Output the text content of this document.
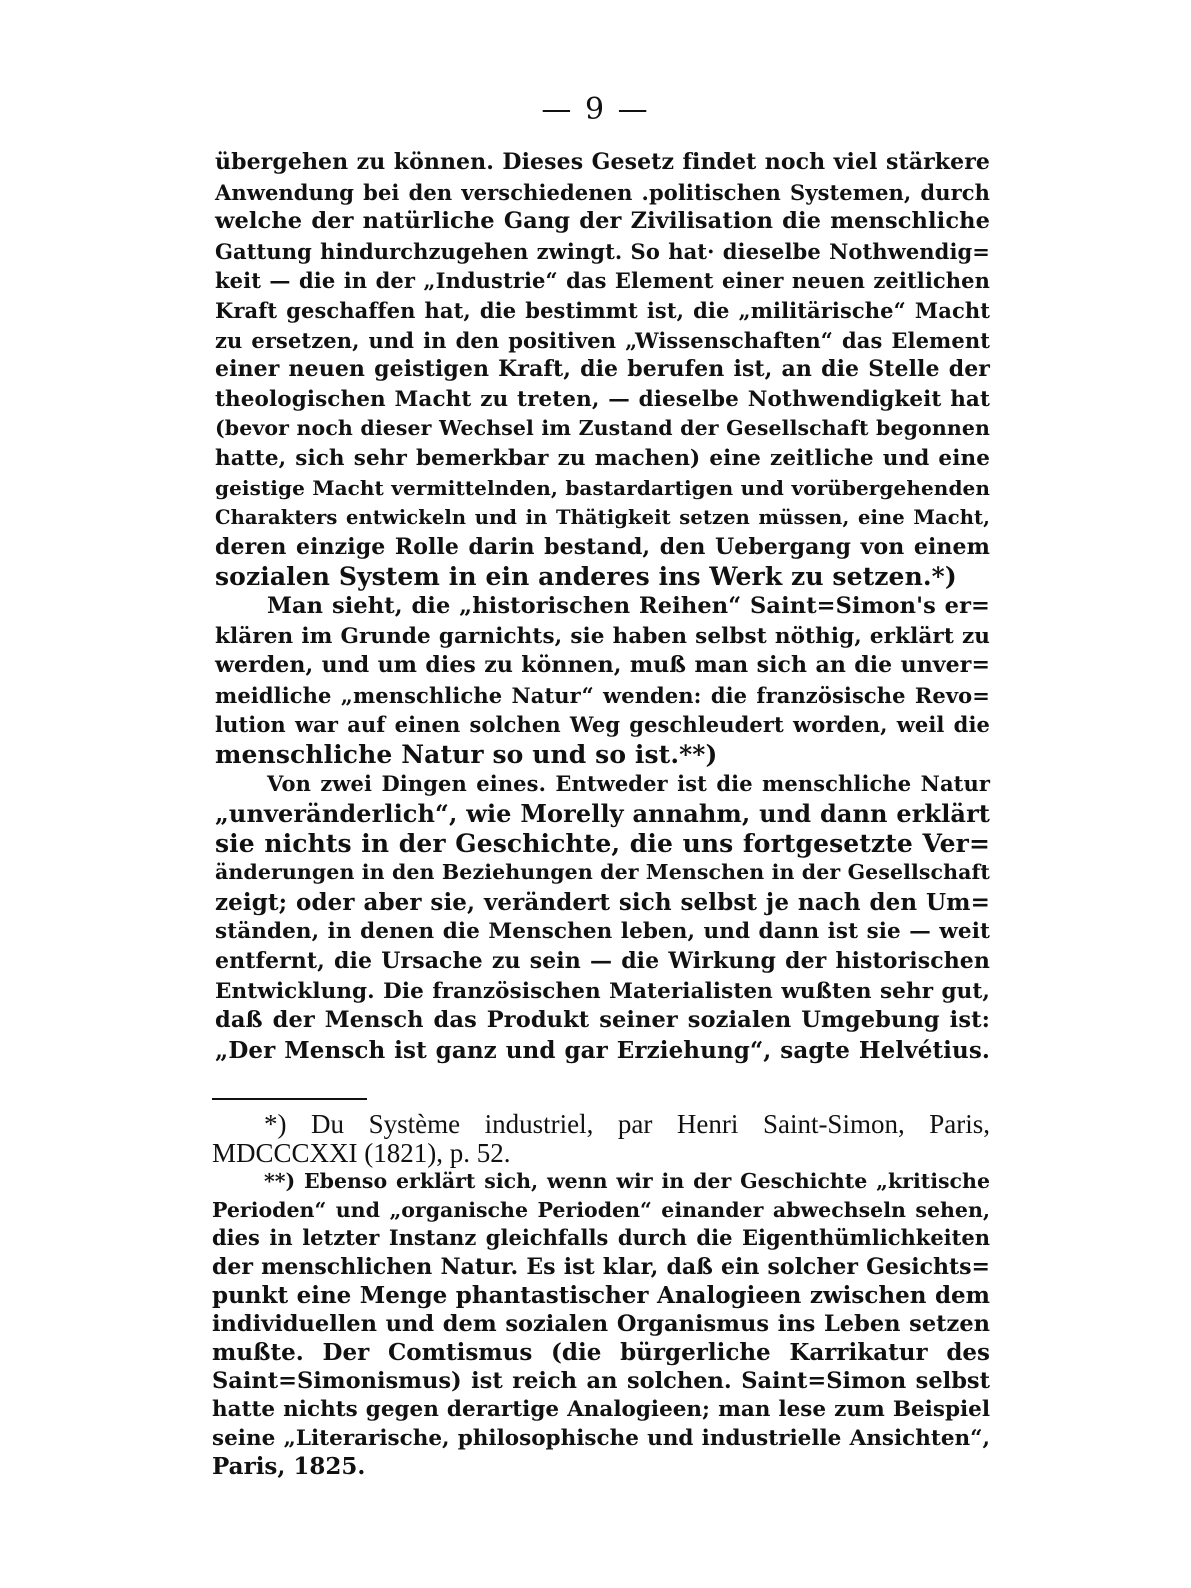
— 9 —
übergehen zu können. Dieses Gesetz findet noch viel stärkere
Anwendung bei den verschiedenen .politischen Systemen, durch
welche der natürliche Gang der Zivilisation die menschliche
Gattung hindurchzugehen zwingt. So hat· dieselbe Nothwendig=
keit — die in der „Industrie“ das Element einer neuen zeitlichen
Kraft geschaffen hat, die bestimmt ist, die „militärische“ Macht
zu ersetzen, und in den positiven „Wissenschaften“ das Element
einer neuen geistigen Kraft, die berufen ist, an die Stelle der
theologischen Macht zu treten, — dieselbe Nothwendigkeit hat
(bevor noch dieser Wechsel im Zustand der Gesellschaft begonnen
hatte, sich sehr bemerkbar zu machen) eine zeitliche und eine
geistige Macht vermittelnden, bastardartigen und vorübergehenden
Charakters entwickeln und in Thätigkeit setzen müssen, eine Macht,
deren einzige Rolle darin bestand, den Uebergang von einem
sozialen System in ein anderes ins Werk zu setzen.*)
Man sieht, die „historischen Reihen“ Saint=Simon's er=
klären im Grunde garnichts, sie haben selbst nöthig, erklärt zu
werden, und um dies zu können, muß man sich an die unver=
meidliche „menschliche Natur“ wenden: die französische Revo=
lution war auf einen solchen Weg geschleudert worden, weil die
menschliche Natur so und so ist.**)
Von zwei Dingen eines. Entweder ist die menschliche Natur
„unveränderlich“, wie Morelly annahm, und dann erklärt
sie nichts in der Geschichte, die uns fortgesetzte Ver=
änderungen in den Beziehungen der Menschen in der Gesellschaft
zeigt; oder aber sie, verändert sich selbst je nach den Um=
ständen, in denen die Menschen leben, und dann ist sie — weit
entfernt, die Ursache zu sein — die Wirkung der historischen
Entwicklung. Die französischen Materialisten wußten sehr gut,
daß der Mensch das Produkt seiner sozialen Umgebung ist:
„Der Mensch ist ganz und gar Erziehung“, sagte Helvétius.
*) Du Système industriel, par Henri Saint-Simon, Paris,
MDCCCXXI (1821), p. 52.
**) Ebenso erklärt sich, wenn wir in der Geschichte „kritische
Perioden“ und „organische Perioden“ einander abwechseln sehen,
dies in letzter Instanz gleichfalls durch die Eigenthümlichkeiten
der menschlichen Natur. Es ist klar, daß ein solcher Gesichts=
punkt eine Menge phantastischer Analogieen zwischen dem
individuellen und dem sozialen Organismus ins Leben setzen
mußte. Der Comtismus (die bürgerliche Karrikatur des
Saint=Simonismus) ist reich an solchen. Saint=Simon selbst
hatte nichts gegen derartige Analogieen; man lese zum Beispiel
seine „Literarische, philosophische und industrielle Ansichten“,
Paris, 1825.
